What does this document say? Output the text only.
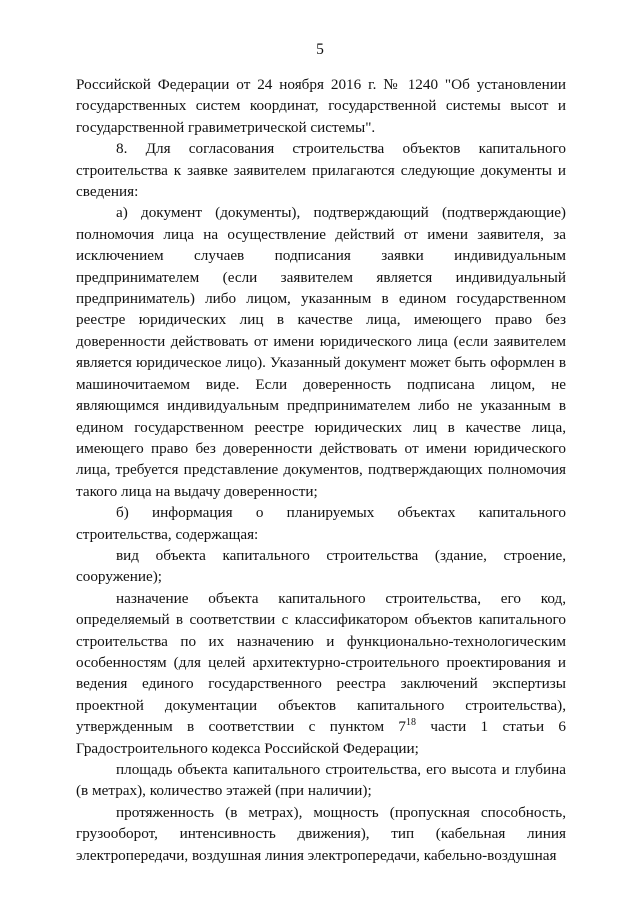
5

Российской Федерации от 24 ноября 2016 г. № 1240 "Об установлении государственных систем координат, государственной системы высот и государственной гравиметрической системы".

8. Для согласования строительства объектов капитального строительства к заявке заявителем прилагаются следующие документы и сведения:

а) документ (документы), подтверждающий (подтверждающие) полномочия лица на осуществление действий от имени заявителя, за исключением случаев подписания заявки индивидуальным предпринимателем (если заявителем является индивидуальный предприниматель) либо лицом, указанным в едином государственном реестре юридических лиц в качестве лица, имеющего право без доверенности действовать от имени юридического лица (если заявителем является юридическое лицо). Указанный документ может быть оформлен в машиночитаемом виде. Если доверенность подписана лицом, не являющимся индивидуальным предпринимателем либо не указанным в едином государственном реестре юридических лиц в качестве лица, имеющего право без доверенности действовать от имени юридического лица, требуется представление документов, подтверждающих полномочия такого лица на выдачу доверенности;

б) информация о планируемых объектах капитального строительства, содержащая:

вид объекта капитального строительства (здание, строение, сооружение);

назначение объекта капитального строительства, его код, определяемый в соответствии с классификатором объектов капитального строительства по их назначению и функционально-технологическим особенностям (для целей архитектурно-строительного проектирования и ведения единого государственного реестра заключений экспертизы проектной документации объектов капитального строительства), утвержденным в соответствии с пунктом $7^{18}$ части 1 статьи 6 Градостроительного кодекса Российской Федерации;

площадь объекта капитального строительства, его высота и глубина (в метрах), количество этажей (при наличии);

протяженность (в метрах), мощность (пропускная способность, грузооборот, интенсивность движения), тип (кабельная линия электропередачи, воздушная линия электропередачи, кабельно-воздушная
